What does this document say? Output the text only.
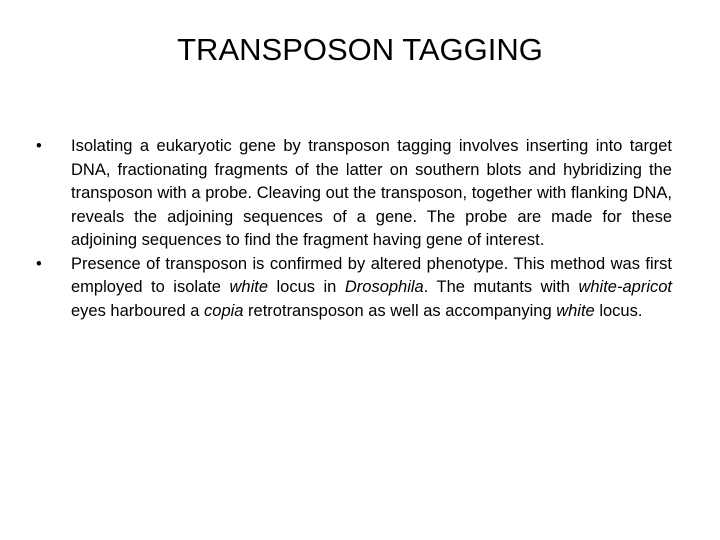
TRANSPOSON TAGGING
•	Isolating a eukaryotic gene by transposon tagging involves inserting into target DNA, fractionating fragments of the latter on southern blots and hybridizing the transposon with a probe. Cleaving out the transposon, together with flanking DNA, reveals the adjoining sequences of a gene. The probe are made for these adjoining sequences to find the fragment having gene of interest.
•	Presence of transposon is confirmed by altered phenotype. This method was first employed to isolate white locus in Drosophila. The mutants with white-apricot eyes harboured a copia retrotransposon as well as accompanying white locus.
